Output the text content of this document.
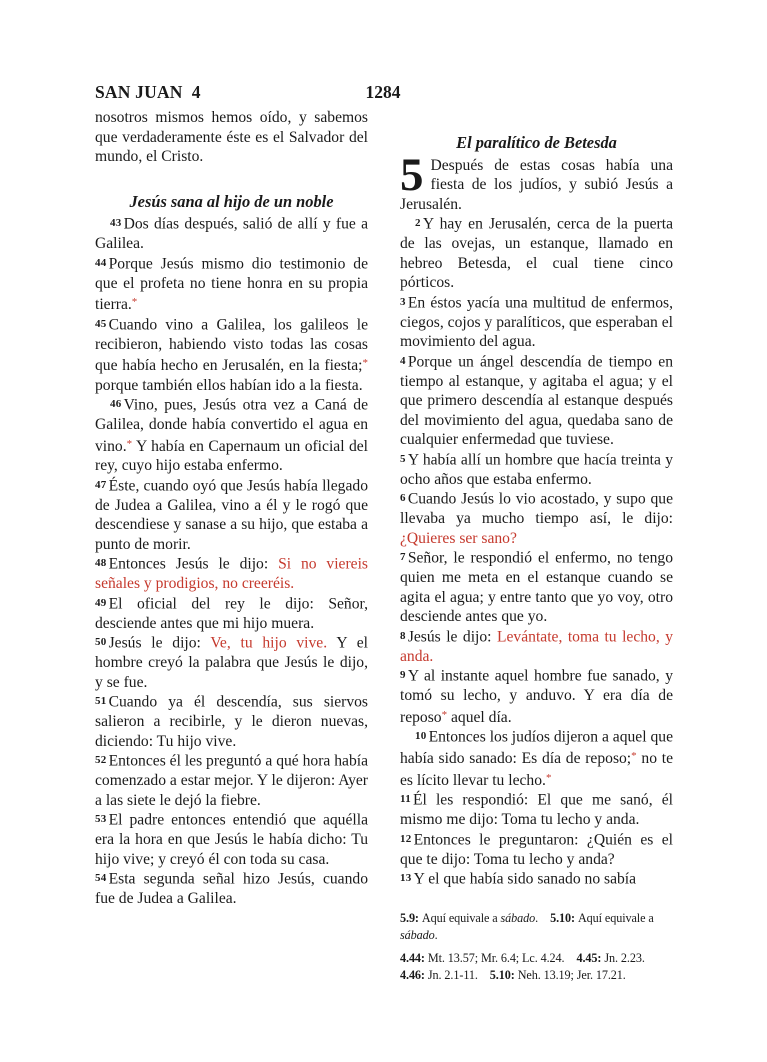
SAN JUAN  4	1284

nosotros mismos hemos oído, y sabemos que verdaderamente éste es el Salvador del mundo, el Cristo.

Jesús sana al hijo de un noble

43 Dos días después, salió de allí y fue a Galilea.

44 Porque Jesús mismo dio testimonio de que el profeta no tiene honra en su propia tierra.*

45 Cuando vino a Galilea, los galileos le recibieron, habiendo visto todas las cosas que había hecho en Jerusalén, en la fiesta;* porque también ellos habían ido a la fiesta.

46 Vino, pues, Jesús otra vez a Caná de Galilea, donde había convertido el agua en vino.* Y había en Capernaum un oficial del rey, cuyo hijo estaba enfermo.

47 Éste, cuando oyó que Jesús había llegado de Judea a Galilea, vino a él y le rogó que descendiese y sanase a su hijo, que estaba a punto de morir.

48 Entonces Jesús le dijo: Si no viereis señales y prodigios, no creeréis.

49 El oficial del rey le dijo: Señor, desciende antes que mi hijo muera.

50 Jesús le dijo: Ve, tu hijo vive. Y el hombre creyó la palabra que Jesús le dijo, y se fue.

51 Cuando ya él descendía, sus siervos salieron a recibirle, y le dieron nuevas, diciendo: Tu hijo vive.

52 Entonces él les preguntó a qué hora había comenzado a estar mejor. Y le dijeron: Ayer a las siete le dejó la fiebre.

53 El padre entonces entendió que aquélla era la hora en que Jesús le había dicho: Tu hijo vive; y creyó él con toda su casa.

54 Esta segunda señal hizo Jesús, cuando fue de Judea a Galilea.

El paralítico de Betesda

5 Después de estas cosas había una fiesta de los judíos, y subió Jesús a Jerusalén.

2 Y hay en Jerusalén, cerca de la puerta de las ovejas, un estanque, llamado en hebreo Betesda, el cual tiene cinco pórticos.

3 En éstos yacía una multitud de enfermos, ciegos, cojos y paralíticos, que esperaban el movimiento del agua.

4 Porque un ángel descendía de tiempo en tiempo al estanque, y agitaba el agua; y el que primero descendía al estanque después del movimiento del agua, quedaba sano de cualquier enfermedad que tuviese.

5 Y había allí un hombre que hacía treinta y ocho años que estaba enfermo.

6 Cuando Jesús lo vio acostado, y supo que llevaba ya mucho tiempo así, le dijo: ¿Quieres ser sano?

7 Señor, le respondió el enfermo, no tengo quien me meta en el estanque cuando se agita el agua; y entre tanto que yo voy, otro desciende antes que yo.

8 Jesús le dijo: Levántate, toma tu lecho, y anda.

9 Y al instante aquel hombre fue sanado, y tomó su lecho, y anduvo. Y era día de reposo* aquel día.

10 Entonces los judíos dijeron a aquel que había sido sanado: Es día de reposo;* no te es lícito llevar tu lecho.*

11 Él les respondió: El que me sanó, él mismo me dijo: Toma tu lecho y anda.

12 Entonces le preguntaron: ¿Quién es el que te dijo: Toma tu lecho y anda?

13 Y el que había sido sanado no sabía

5.9: Aquí equivale a sábado. 5.10: Aquí equivale a sábado.
4.44: Mt. 13.57; Mr. 6.4; Lc. 4.24. 4.45: Jn. 2.23.
4.46: Jn. 2.1-11. 5.10: Neh. 13.19; Jer. 17.21.
